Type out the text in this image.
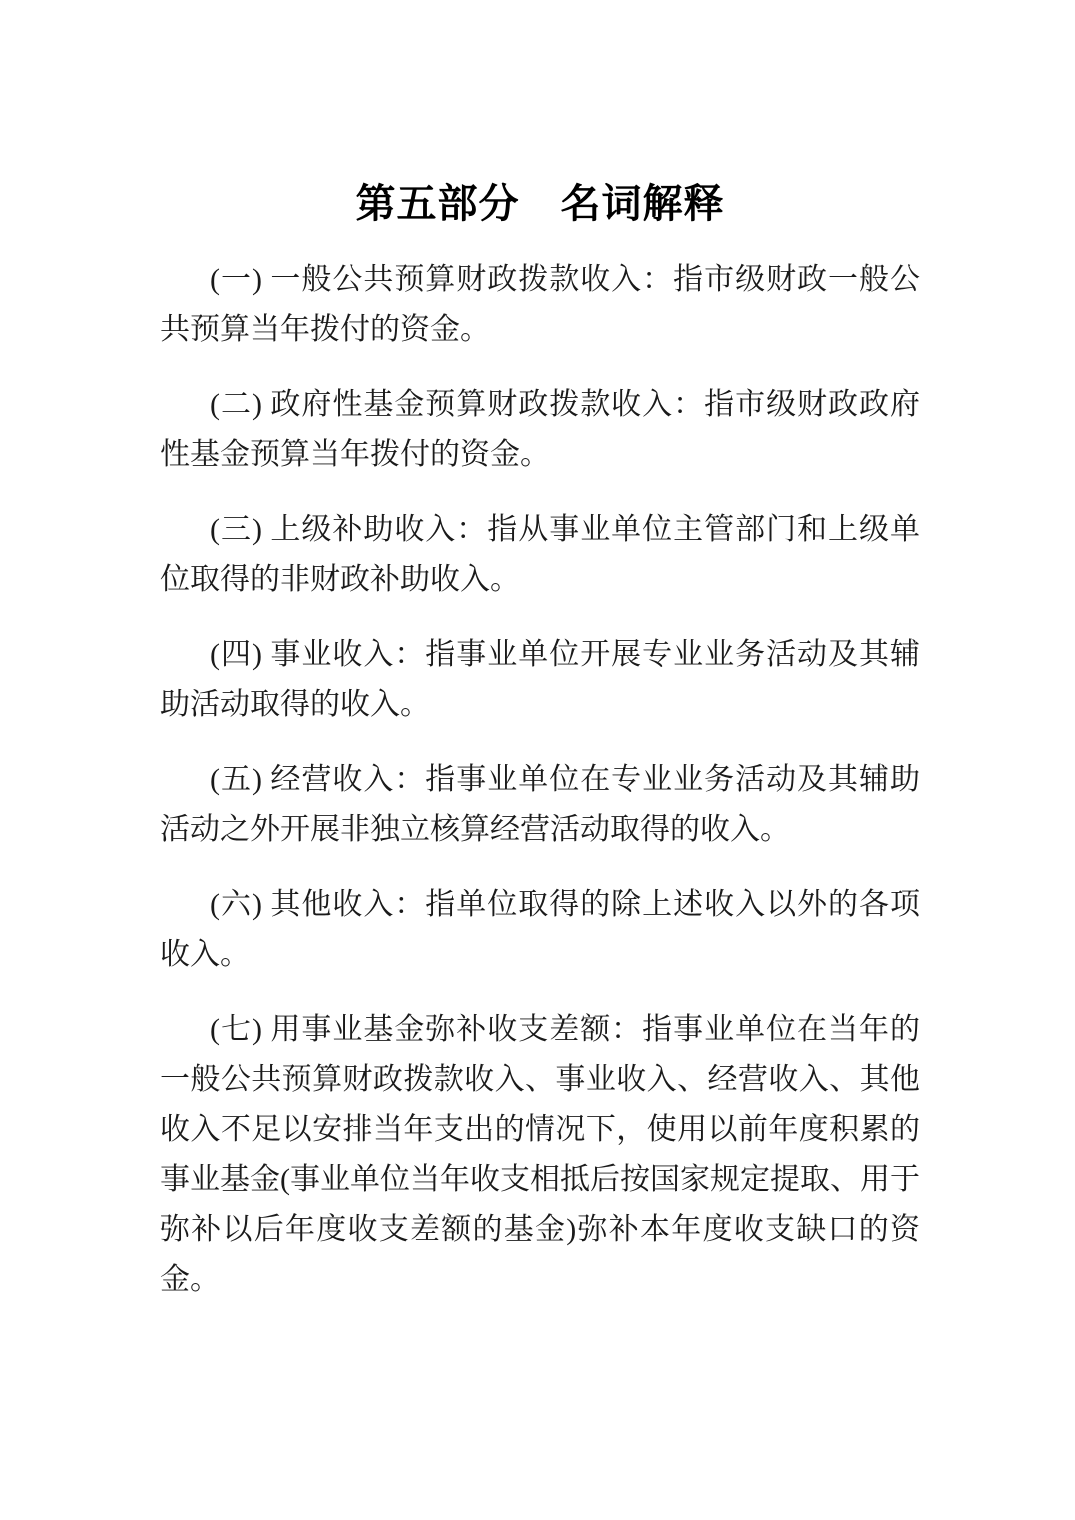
第五部分　名词解释

(一) 一般公共预算财政拨款收入：指市级财政一般公共预算当年拨付的资金。

(二) 政府性基金预算财政拨款收入：指市级财政政府性基金预算当年拨付的资金。

(三) 上级补助收入：指从事业单位主管部门和上级单位取得的非财政补助收入。

(四) 事业收入：指事业单位开展专业业务活动及其辅助活动取得的收入。

(五) 经营收入：指事业单位在专业业务活动及其辅助活动之外开展非独立核算经营活动取得的收入。

(六) 其他收入：指单位取得的除上述收入以外的各项收入。

(七) 用事业基金弥补收支差额：指事业单位在当年的一般公共预算财政拨款收入、事业收入、经营收入、其他收入不足以安排当年支出的情况下，使用以前年度积累的事业基金(事业单位当年收支相抵后按国家规定提取、用于弥补以后年度收支差额的基金)弥补本年度收支缺口的资金。
